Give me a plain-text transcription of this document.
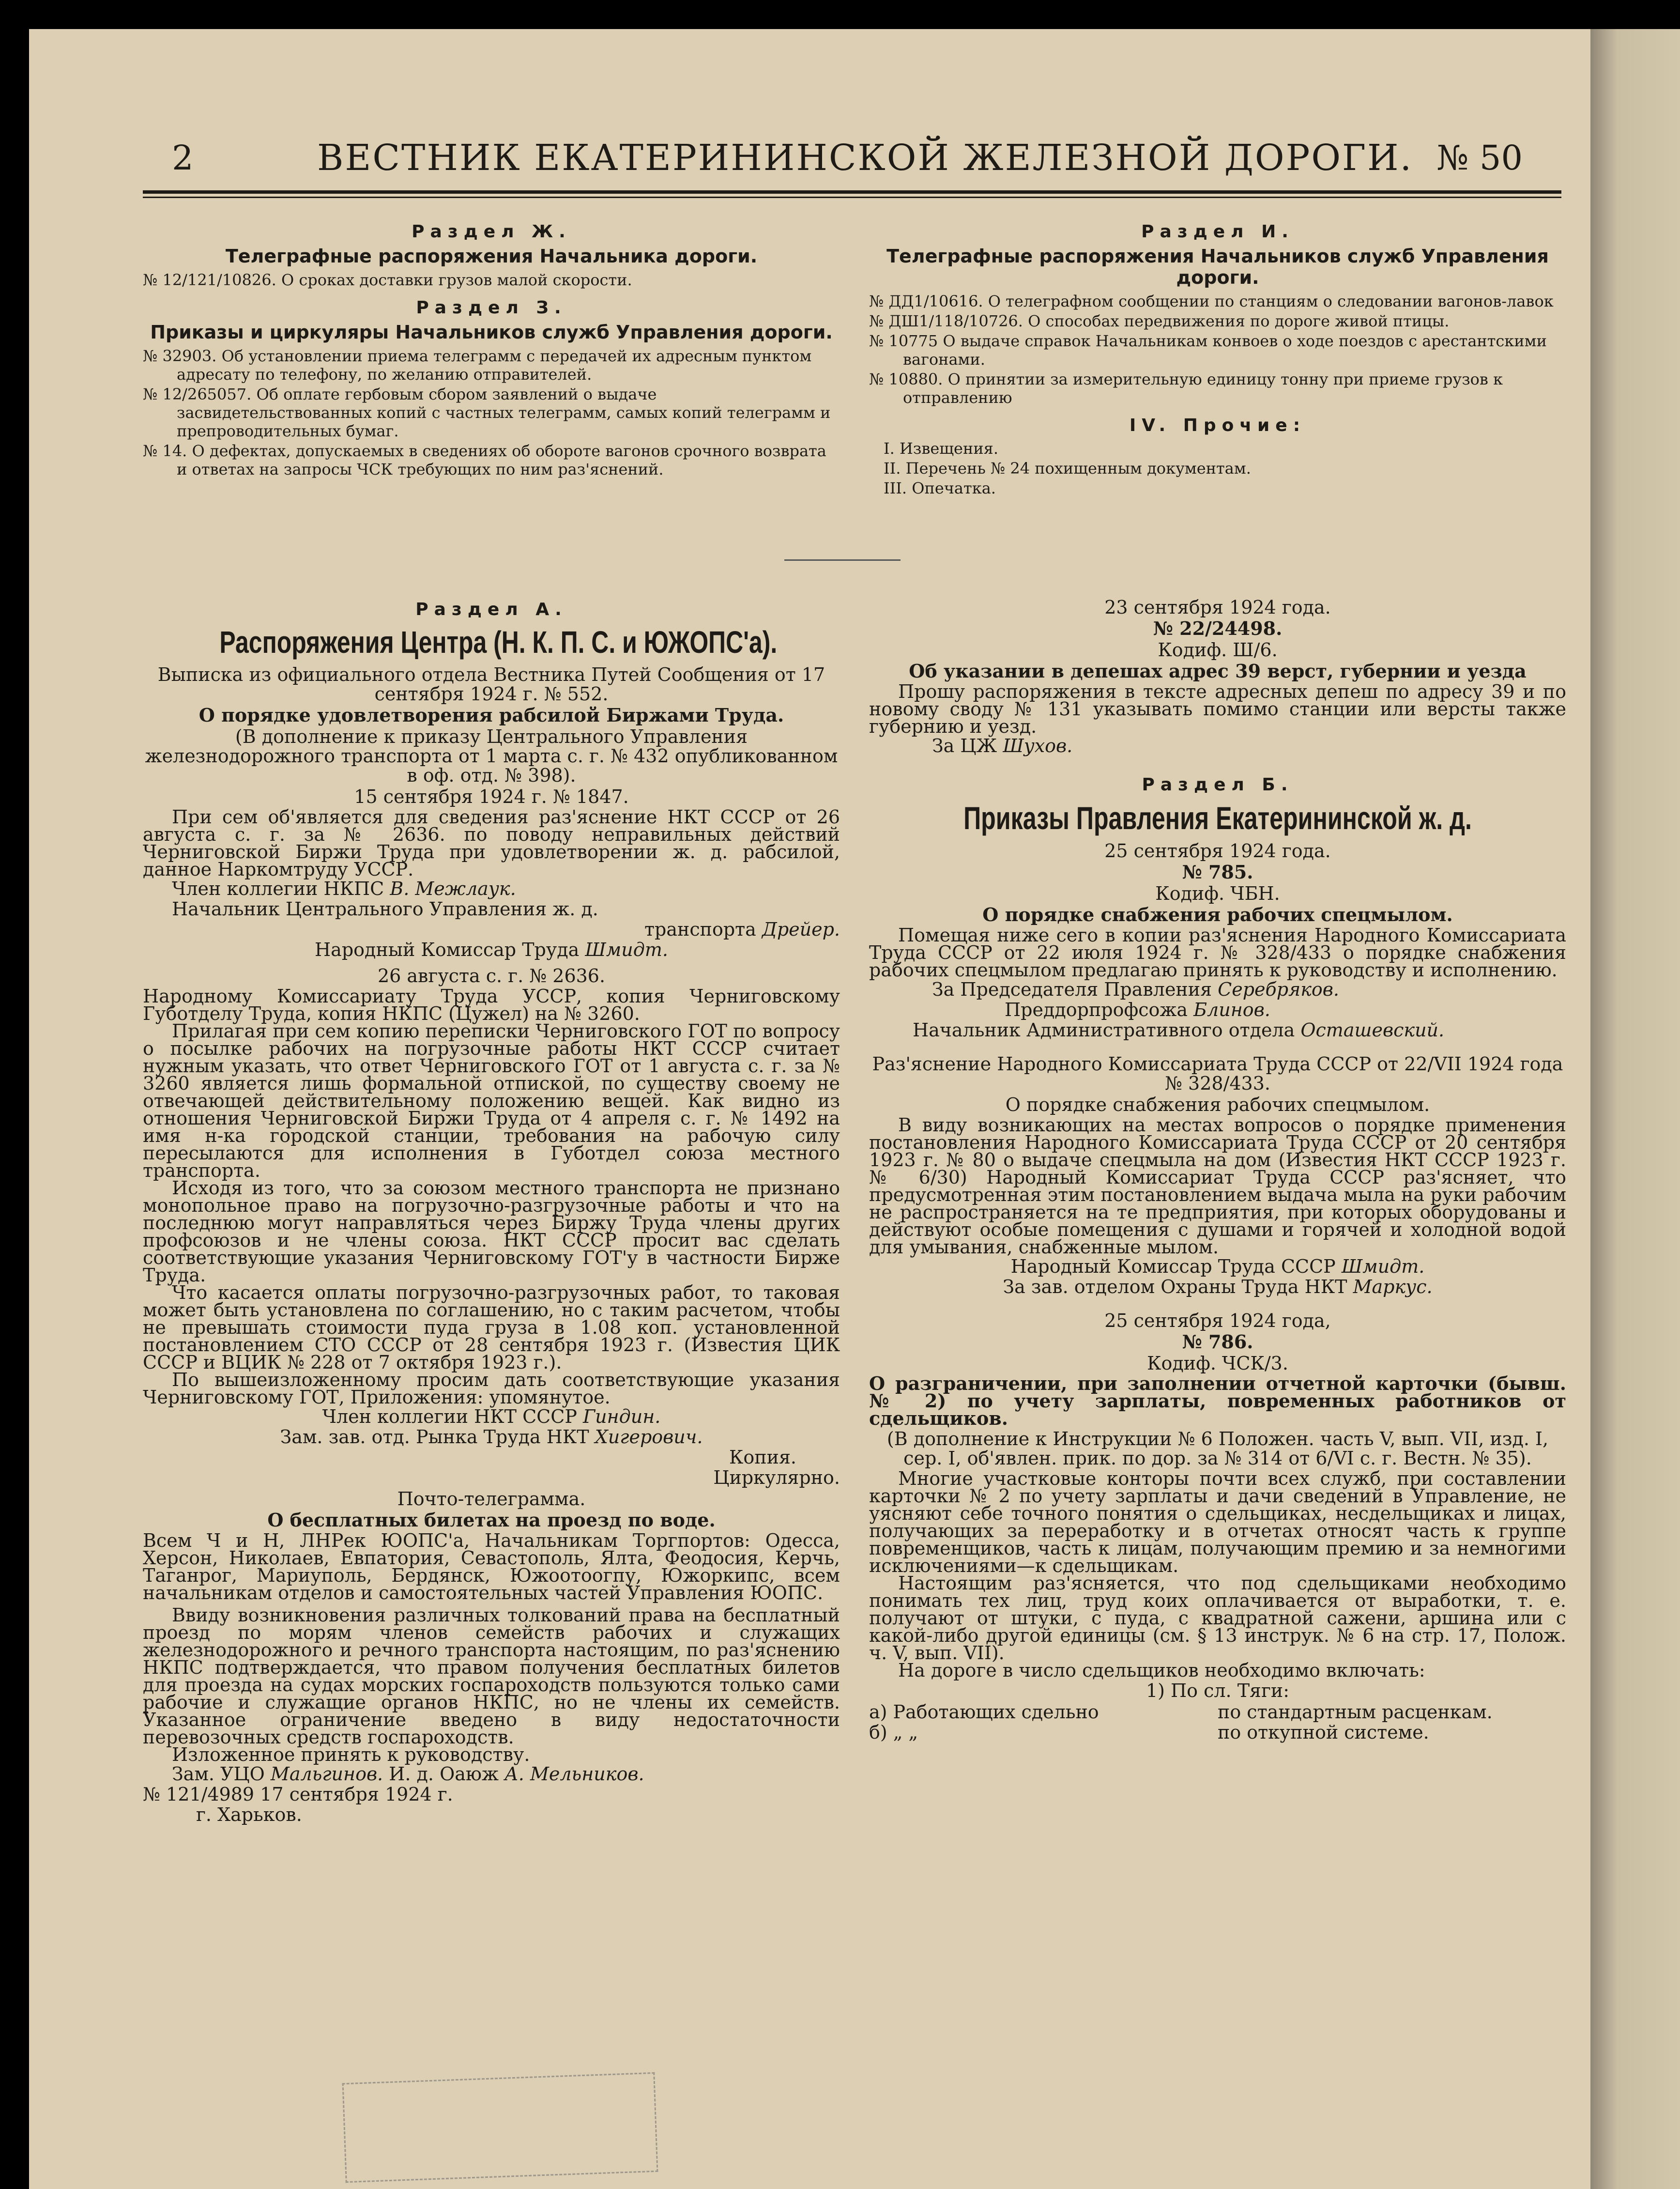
2	ВЕСТНИК ЕКАТЕРИНИНСКОЙ ЖЕЛЕЗНОЙ ДОРОГИ. № 50
Раздел Ж.
Телеграфные распоряжения Начальника дороги.
№ 12/121/10826. О сроках доставки грузов малой скорости.
Раздел З.
Приказы и циркуляры Начальников служб Управления дороги.
№ 32903. Об установлении приема телеграмм с передачей их адресным пунктом адресату по телефону, по желанию отправителей.
№ 12/265057. Об оплате гербовым сбором заявлений о выдаче засвидетельствованных копий с частных телеграмм, самых копий телеграмм и препроводительных бумаг.
№ 14. О дефектах, допускаемых в сведениях об обороте вагонов срочного возврата и ответах на запросы ЧСК требующих по ним раз'яснений.
Раздел И.
Телеграфные распоряжения Начальников служб Управления дороги.
№ ДД1/10616. О телеграфном сообщении по станциям о следовании вагонов-лавок
№ ДШ1/118/10726. О способах передвижения по дороге живой птицы.
№ 10775 О выдаче справок Начальникам конвоев о ходе поездов с арестантскими вагонами.
№ 10880. О принятии за измерительную единицу тонну при приеме грузов к отправлению
IV. Прочие:
I. Извещения.
II. Перечень № 24 похищенным документам.
III. Опечатка.
Раздел А.
Распоряжения Центра (Н. К. П. С. и ЮЖОПС'а).

Выписка из официального отдела Вестника Путей Сообщения от 17 сентября 1924 г. № 552.

О порядке удовлетворения рабсилой Биржами Труда.

(В дополнение к приказу Центрального Управления железнодорожного транспорта от 1 марта с. г. № 432 опубликованном в оф. отд. № 398).

15 сентября 1924 г. № 1847.

При сем об'является для сведения раз'яснение НКТ СССР от 26 августа с. г. за № 2636. по поводу неправильных действий Черниговской Биржи Труда при удовлетворении ж. д. рабсилой, данное Наркомтруду УССР.

Член коллегии НКПС В. Межлаук.
Начальник Центрального Управления ж. д.
транспорта Дрейер.
Народный Комиссар Труда Шмидт.

26 августа с. г. № 2636.

Народному Комиссариату Труда УССР, копия Черниговскому Губотделу Труда, копия НКПС (Цужел) на № 3260.

Прилагая при сем копию переписки Черниговского ГОТ по вопросу о посылке рабочих на погрузочные работы НКТ СССР считает нужным указать, что ответ Черниговского ГОТ от 1 августа с. г. за № 3260 является лишь формальной отпиской, по существу своему не отвечающей действительному положению вещей. Как видно из отношения Черниговской Биржи Труда от 4 апреля с. г. № 1492 на имя н-ка городской станции, требования на рабочую силу пересылаются для исполнения в Губотдел союза местного транспорта.

Исходя из того, что за союзом местного транспорта не признано монопольное право на погрузочно-разгрузочные работы и что на последнюю могут направляться через Биржу Труда члены других профсоюзов и не члены союза. НКТ СССР просит вас сделать соответствующие указания Черниговскому ГОТ'у в частности Бирже Труда.

Что касается оплаты погрузочно-разгрузочных работ, то таковая может быть установлена по соглашению, но с таким расчетом, чтобы не превышать стоимости пуда груза в 1.08 коп. установленной постановлением СТО СССР от 28 сентября 1923 г. (Известия ЦИК СССР и ВЦИК № 228 от 7 октября 1923 г.).

По вышеизложенному просим дать соответствующие указания Черниговскому ГОТ, Приложения: упомянутое.

Член коллегии НКТ СССР Гиндин.
Зам. зав. отд. Рынка Труда НКТ Хигерович.
Копия.
Циркулярно.

Почто-телеграмма.

О бесплатных билетах на проезд по воде.

Всем Ч и Н, ЛНРек ЮОПС'а, Начальникам Торгпортов: Одесса, Херсон, Николаев, Евпатория, Севастополь, Ялта, Феодосия, Керчь, Таганрог, Мариуполь, Бердянск, Южоотоогпу, Южоркипс, всем начальникам отделов и самостоятельных частей Управления ЮОПС.

Ввиду возникновения различных толкований права на бесплатный проезд по морям членов семейств рабочих и служащих железнодорожного и речного транспорта настоящим, по раз'яснению НКПС подтверждается, что правом получения бесплатных билетов для проезда на судах морских госпароходств пользуются только сами рабочие и служащие органов НКПС, но не члены их семейств. Указанное ограничение введено в виду недостаточности перевозочных средств госпароходств.

Изложенное принять к руководству.

Зам. УЦО Мальгинов. И. д. Оаюж А. Мельников.
№ 121/4989 17 сентября 1924 г.
г. Харьков.

23 сентября 1924 года.

№ 22/24498.

Кодиф. Ш/6.

Об указании в депешах адрес 39 верст, губернии и уезда

Прошу распоряжения в тексте адресных депеш по адресу 39 и по новому своду № 131 указывать помимо станции или версты также губернию и уезд.

За ЦЖ Шухов.
Раздел Б.
Приказы Правления Екатерининской ж. д.

25 сентября 1924 года.

№ 785.

Кодиф. ЧБН.

О порядке снабжения рабочих спецмылом.

Помещая ниже сего в копии раз'яснения Народного Комиссариата Труда СССР от 22 июля 1924 г. № 328/433 о порядке снабжения рабочих спецмылом предлагаю принять к руководству и исполнению.

За Председателя Правления Серебряков.
Преддорпрофсожа Блинов.
Начальник Административного отдела Осташевский.

Раз'яснение Народного Комиссариата Труда СССР от 22/VII 1924 года № 328/433.

О порядке снабжения рабочих спецмылом.

В виду возникающих на местах вопросов о порядке применения постановления Народного Комиссариата Труда СССР от 20 сентября 1923 г. № 80 о выдаче спецмыла на дом (Известия НКТ СССР 1923 г. № 6/30) Народный Комиссариат Труда СССР раз'ясняет, что предусмотренная этим постановлением выдача мыла на руки рабочим не распространяется на те предприятия, при которых оборудованы и действуют особые помещения с душами и горячей и холодной водой для умывания, снабженные мылом.

Народный Комиссар Труда СССР Шмидт.
За зав. отделом Охраны Труда НКТ Маркус.

25 сентября 1924 года,

№ 786.

Кодиф. ЧСК/3.

О разграничении, при заполнении отчетной карточки (бывш. № 2) по учету зарплаты, повременных работников от сдельщиков.

(В дополнение к Инструкции № 6 Положен. часть V, вып. VII, изд. I, сер. I, об'явлен. прик. по дор. за № 314 от 6/VI с. г. Вестн. № 35).

Многие участковые конторы почти всех служб, при составлении карточки № 2 по учету зарплаты и дачи сведений в Управление, не уясняют себе точного понятия о сдельщиках, несдельщиках и лицах, получающих за переработку и в отчетах относят часть к группе повременщиков, часть к лицам, получающим премию и за немногими исключениями—к сдельщикам.

Настоящим раз'ясняется, что под сдельщиками необходимо понимать тех лиц, труд коих оплачивается от выработки, т. е. получают от штуки, с пуда, с квадратной сажени, аршина или с какой-либо другой единицы (см. § 13 инструк. № 6 на стр. 17, Полож. ч. V, вып. VII).

На дороге в число сдельщиков необходимо включать:

1) По сл. Тяги:

а) Работающих сдельно	по стандартным расценкам.
б) „ „	по откупной системе.
